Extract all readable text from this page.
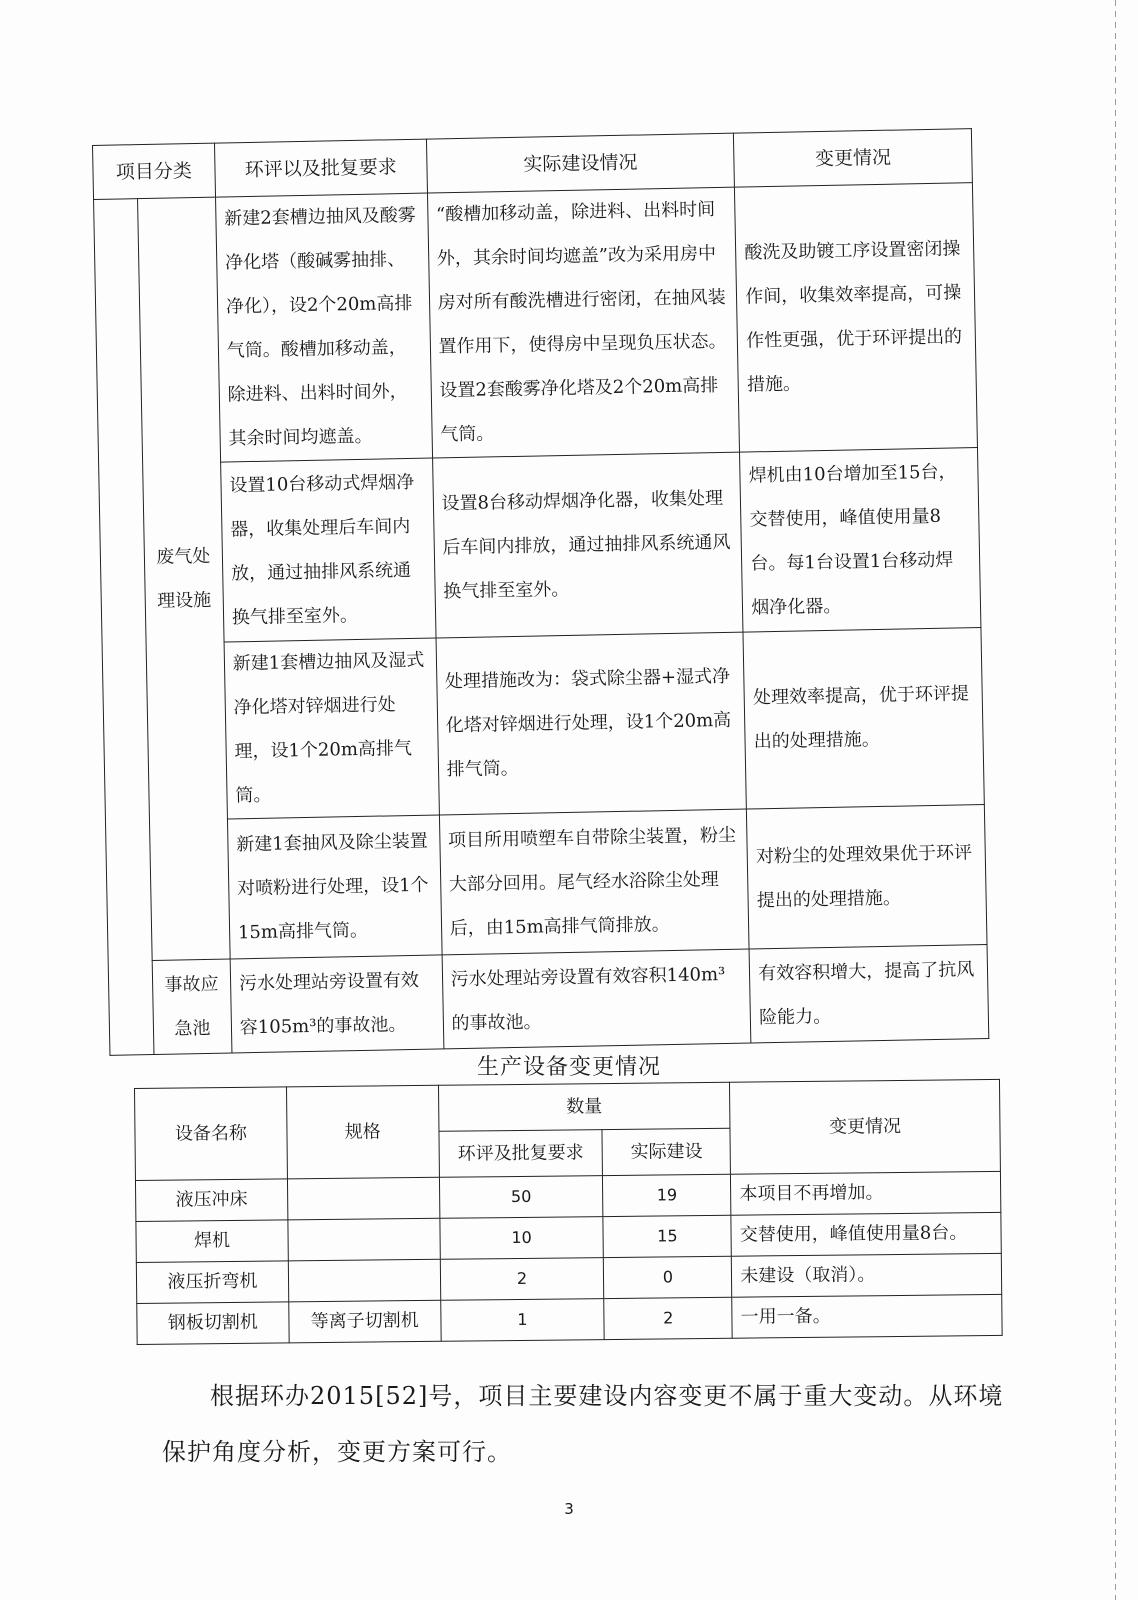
项目分类		环评以及批复要求	实际建设情况	变更情况
	废气处理设施	新建2套槽边抽风及酸雾净化塔（酸碱雾抽排、净化），设2个20m高排气筒。酸槽加移动盖，除进料、出料时间外，其余时间均遮盖。	“酸槽加移动盖，除进料、出料时间外，其余时间均遮盖”改为采用房中房对所有酸洗槽进行密闭，在抽风装置作用下，使得房中呈现负压状态。设置2套酸雾净化塔及2个20m高排气筒。	酸洗及助镀工序设置密闭操作间，收集效率提高，可操作性更强，优于环评提出的措施。
		设置10台移动式焊烟净器，收集处理后车间内放，通过抽排风系统通换气排至室外。	设置8台移动焊烟净化器，收集处理后车间内排放，通过抽排风系统通风换气排至室外。	焊机由10台增加至15台，交替使用，峰值使用量8台。每1台设置1台移动焊烟净化器。
		新建1套槽边抽风及湿式净化塔对锌烟进行处理，设1个20m高排气筒。	处理措施改为：袋式除尘器+湿式净化塔对锌烟进行处理，设1个20m高排气筒。	处理效率提高，优于环评提出的处理措施。
		新建1套抽风及除尘装置对喷粉进行处理，设1个15m高排气筒。	项目所用喷塑车自带除尘装置，粉尘大部分回用。尾气经水浴除尘处理后，由15m高排气筒排放。	对粉尘的处理效果优于环评提出的处理措施。
	事故应急池	污水处理站旁设置有效容105m³的事故池。	污水处理站旁设置有效容积140m³的事故池。	有效容积增大，提高了抗风险能力。
生产设备变更情况
设备名称	规格	数量		变更情况
		环评及批复要求	实际建设	
液压冲床		50	19	本项目不再增加。
焊机		10	15	交替使用，峰值使用量8台。
液压折弯机		2	0	未建设（取消）。
钢板切割机	等离子切割机	1	2	一用一备。
根据环办2015[52]号，项目主要建设内容变更不属于重大变动。从环境保护角度分析，变更方案可行。
3
